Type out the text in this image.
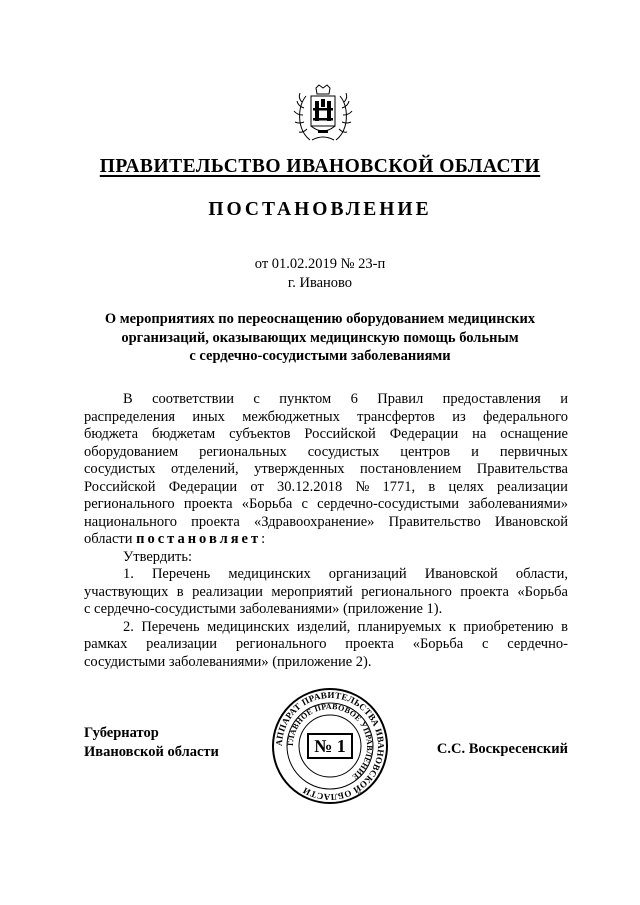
ПРАВИТЕЛЬСТВО ИВАНОВСКОЙ ОБЛАСТИ
ПОСТАНОВЛЕНИЕ
от 01.02.2019 № 23-п
г. Иваново
О мероприятиях по переоснащению оборудованием медицинских
организаций, оказывающих медицинскую помощь больным
с сердечно-сосудистыми заболеваниями
В соответствии с пунктом 6 Правил предоставления и
распределения иных межбюджетных трансфертов из федерального
бюджета бюджетам субъектов Российской Федерации на оснащение
оборудованием региональных сосудистых центров и первичных
сосудистых отделений, утвержденных постановлением Правительства
Российской Федерации от 30.12.2018 № 1771, в целях реализации
регионального проекта «Борьба с сердечно-сосудистыми заболеваниями»
национального проекта «Здравоохранение» Правительство Ивановской
области постановляет:
Утвердить:
1. Перечень медицинских организаций Ивановской области,
участвующих в реализации мероприятий регионального проекта «Борьба
с сердечно-сосудистыми заболеваниями» (приложение 1).
2. Перечень медицинских изделий, планируемых к приобретению в
рамках реализации регионального проекта «Борьба с сердечно-
сосудистыми заболеваниями» (приложение 2).
Губернатор
Ивановской области
АППАРАТ ПРАВИТЕЛЬСТВА ИВАНОВСКОЙ ОБЛАСТИ
ГЛАВНОЕ ПРАВОВОЕ УПРАВЛЕНИЕ
№ 1	С.С. Воскресенский
